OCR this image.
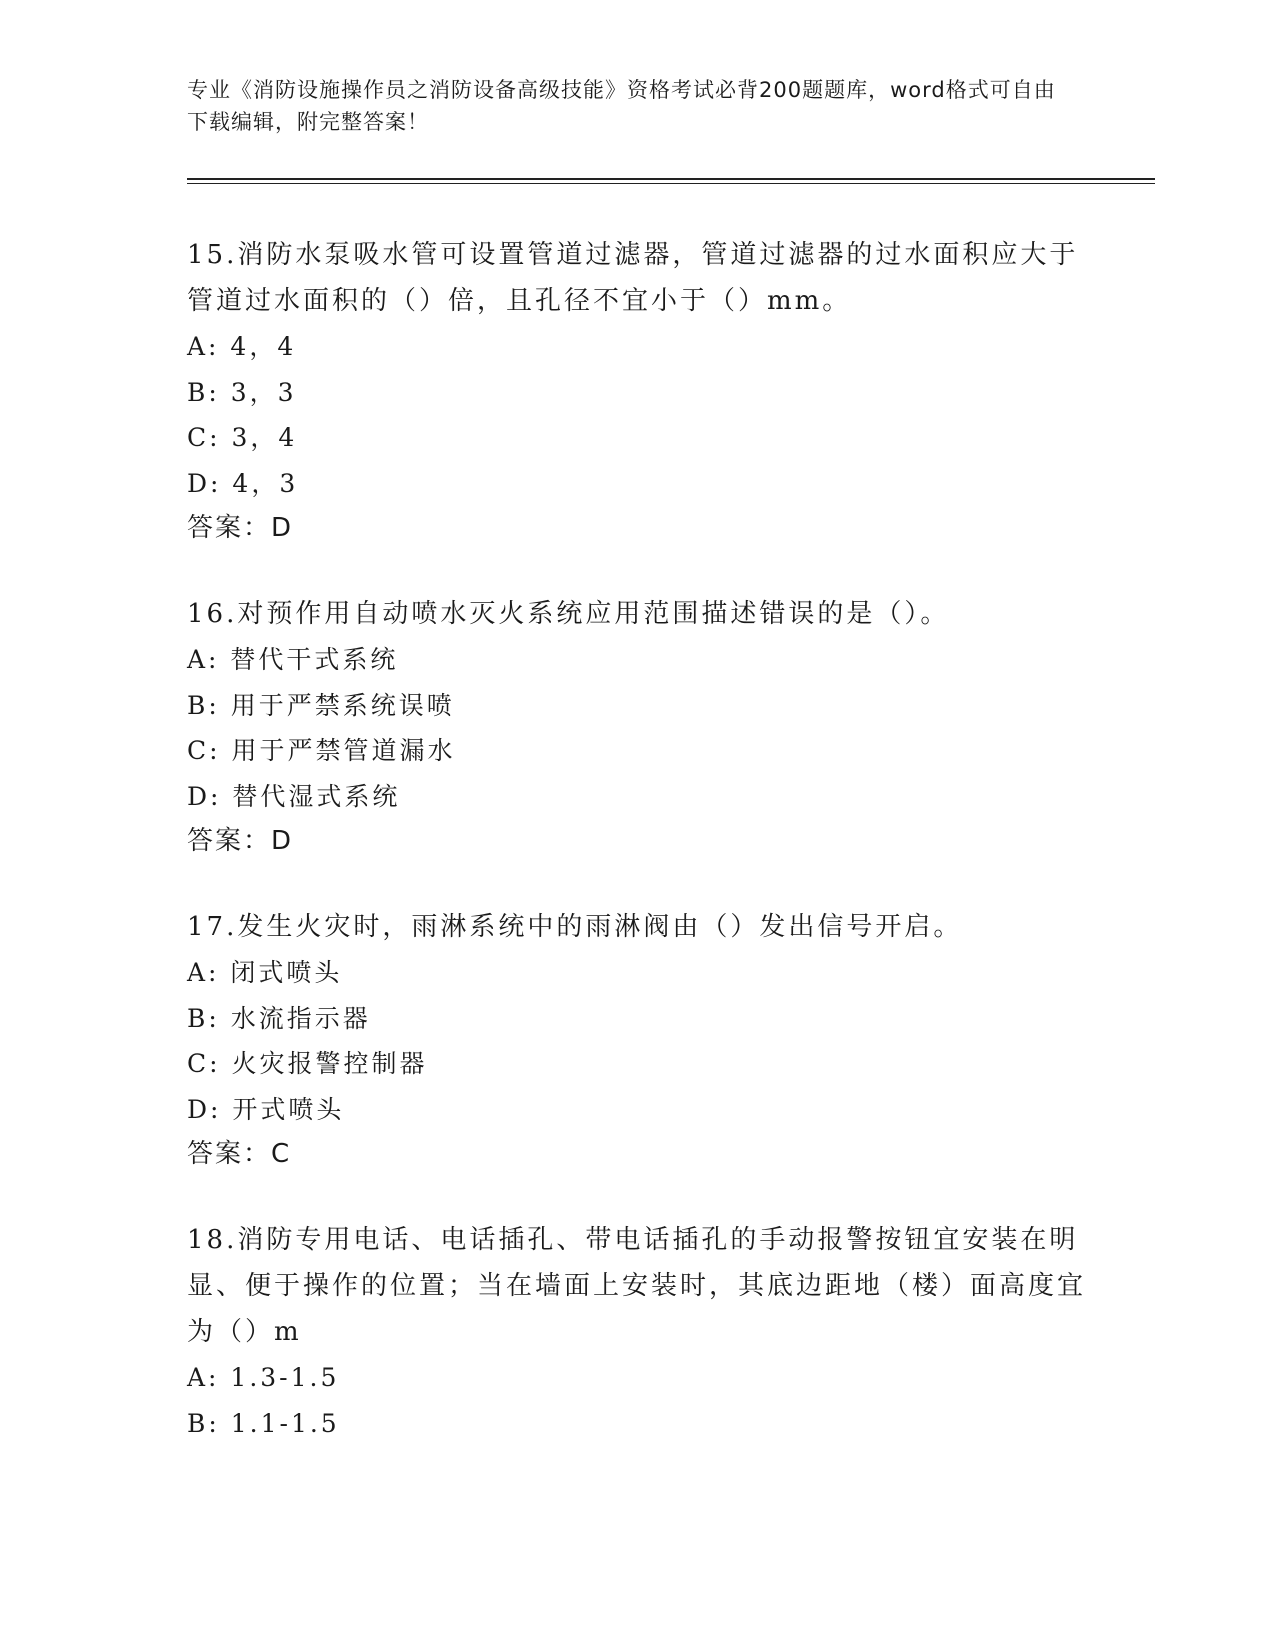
专业《消防设施操作员之消防设备高级技能》资格考试必背200题题库，word格式可自由下载编辑，附完整答案！

15.消防水泵吸水管可设置管道过滤器，管道过滤器的过水面积应大于管道过水面积的（）倍，且孔径不宜小于（）mm。

A: 4，4

B: 3，3

C: 3，4

D: 4，3

答案：D

16.对预作用自动喷水灭火系统应用范围描述错误的是（）。

A: 替代干式系统

B: 用于严禁系统误喷

C: 用于严禁管道漏水

D: 替代湿式系统

答案：D

17.发生火灾时，雨淋系统中的雨淋阀由（）发出信号开启。

A: 闭式喷头

B: 水流指示器

C: 火灾报警控制器

D: 开式喷头

答案：C

18.消防专用电话、电话插孔、带电话插孔的手动报警按钮宜安装在明显、便于操作的位置；当在墙面上安装时，其底边距地（楼）面高度宜为（）m

A: 1.3-1.5

B: 1.1-1.5
